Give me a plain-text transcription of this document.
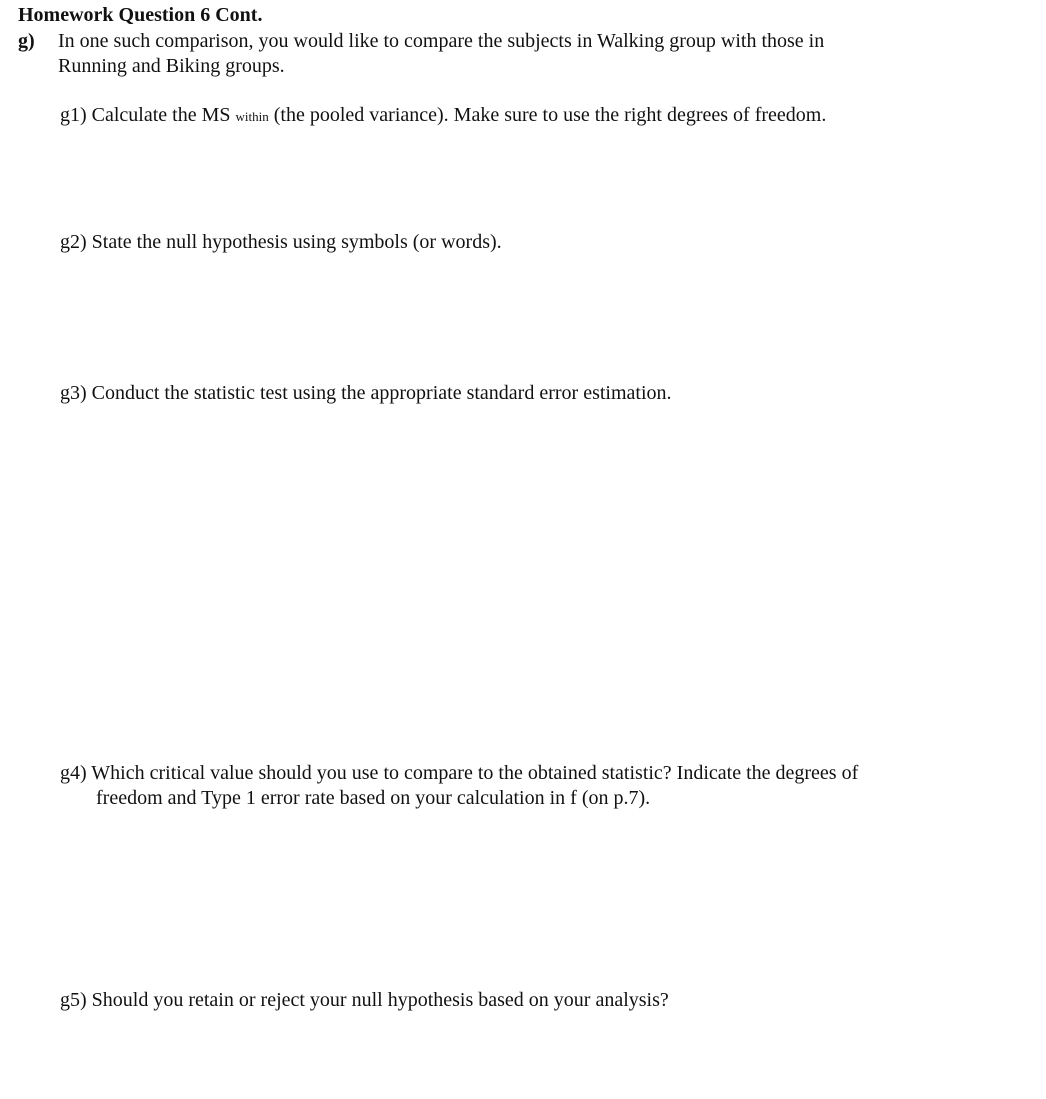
Homework Question 6 Cont.
g) In one such comparison, you would like to compare the subjects in Walking group with those in
Running and Biking groups.
g1) Calculate the MS within (the pooled variance). Make sure to use the right degrees of freedom.
g2) State the null hypothesis using symbols (or words).
g3) Conduct the statistic test using the appropriate standard error estimation.
g4) Which critical value should you use to compare to the obtained statistic? Indicate the degrees of
freedom and Type 1 error rate based on your calculation in f (on p.7).
g5) Should you retain or reject your null hypothesis based on your analysis?
